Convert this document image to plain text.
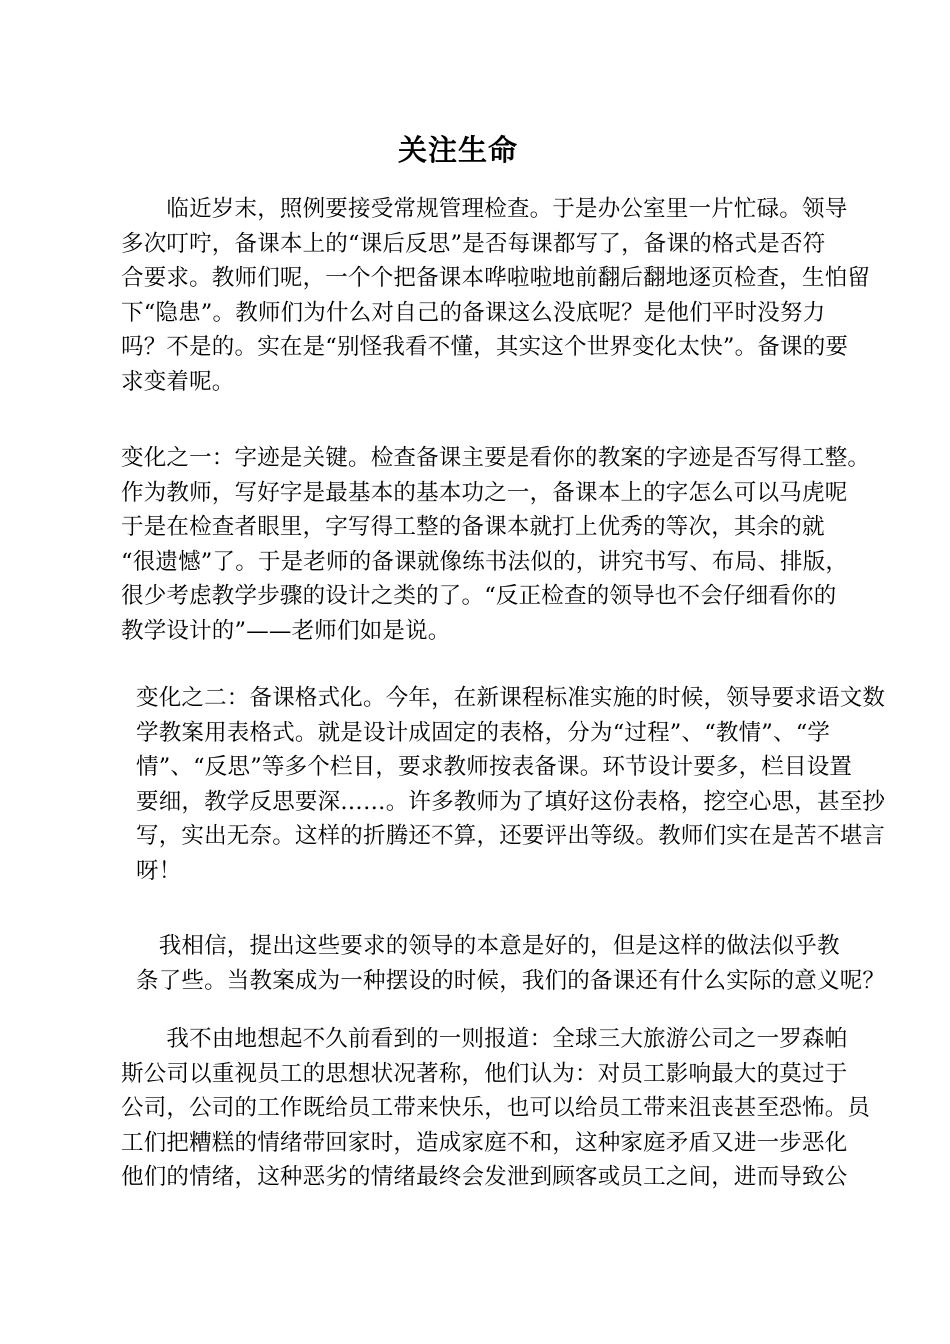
关注生命

　　临近岁末，照例要接受常规管理检查。于是办公室里一片忙碌。领导
多次叮咛，备课本上的“课后反思”是否每课都写了，备课的格式是否符
合要求。教师们呢，一个个把备课本哗啦啦地前翻后翻地逐页检查，生怕留
下“隐患”。教师们为什么对自己的备课这么没底呢？是他们平时没努力
吗？不是的。实在是“别怪我看不懂，其实这个世界变化太快”。备课的要
求变着呢。

变化之一：字迹是关键。检查备课主要是看你的教案的字迹是否写得工整。
作为教师，写好字是最基本的基本功之一，备课本上的字怎么可以马虎呢
于是在检查者眼里，字写得工整的备课本就打上优秀的等次，其余的就
“很遗憾”了。于是老师的备课就像练书法似的，讲究书写、布局、排版，
很少考虑教学步骤的设计之类的了。“反正检查的领导也不会仔细看你的
教学设计的”——老师们如是说。

变化之二：备课格式化。今年，在新课程标准实施的时候，领导要求语文数
学教案用表格式。就是设计成固定的表格，分为“过程”、“教情”、“学
情”、“反思”等多个栏目，要求教师按表备课。环节设计要多，栏目设置
要细，教学反思要深……。许多教师为了填好这份表格，挖空心思，甚至抄
写，实出无奈。这样的折腾还不算，还要评出等级。教师们实在是苦不堪言
呀！

　我相信，提出这些要求的领导的本意是好的，但是这样的做法似乎教
条了些。当教案成为一种摆设的时候，我们的备课还有什么实际的意义呢？

　　我不由地想起不久前看到的一则报道：全球三大旅游公司之一罗森帕
斯公司以重视员工的思想状况著称，他们认为：对员工影响最大的莫过于
公司，公司的工作既给员工带来快乐，也可以给员工带来沮丧甚至恐怖。员
工们把糟糕的情绪带回家时，造成家庭不和，这种家庭矛盾又进一步恶化
他们的情绪，这种恶劣的情绪最终会发泄到顾客或员工之间，进而导致公
